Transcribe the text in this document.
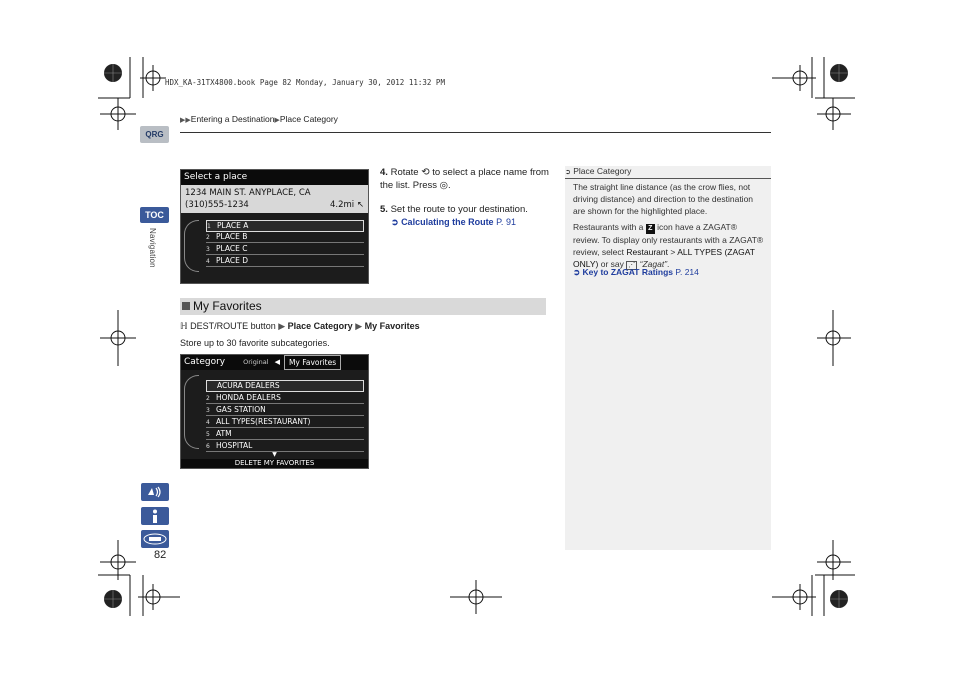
HDX_KA-31TX4800.book Page 82 Monday, January 30, 2012 11:32 PM
▶▶Entering a Destination▶Place Category
QRG
TOC
Navigation
82
Select a place
1234 MAIN ST. ANYPLACE, CA
(310)555-1234	4.2mi ↖
1 PLACE A
2 PLACE B
3 PLACE C
4 PLACE D
4. Rotate ⟲ to select a place name from the list. Press ◎.
5. Set the route to your destination.
➲ Calculating the Route P. 91
My Favorites
ℍ DEST/ROUTE button ▶ Place Category ▶ My Favorites
Store up to 30 favorite subcategories.
Category	Original ◀	My Favorites
ACURA DEALERS
2 HONDA DEALERS
3 GAS STATION
4 ALL TYPES(RESTAURANT)
5 ATM
6 HOSPITAL
▼
DELETE MY FAVORITES
➲ Place Category
The straight line distance (as the crow flies, not driving distance) and direction to the destination are shown for the highlighted place.
Restaurants with a Z icon have a ZAGAT® review. To display only restaurants with a ZAGAT® review, select Restaurant > ALL TYPES (ZAGAT ONLY) or say ⋰ “Zagat”.
➲ Key to ZAGAT Ratings P. 214
